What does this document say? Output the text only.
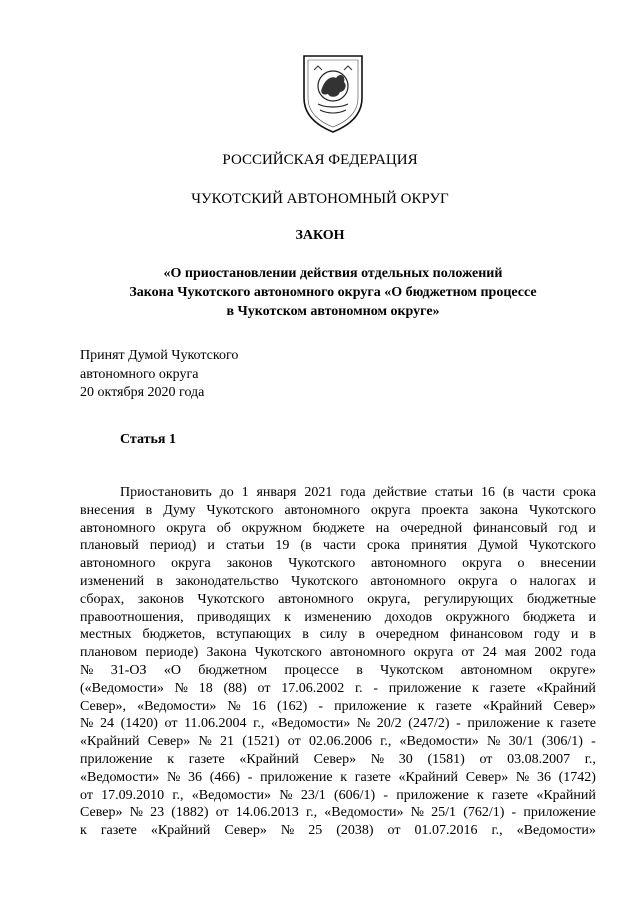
РОССИЙСКАЯ ФЕДЕРАЦИЯ
ЧУКОТСКИЙ АВТОНОМНЫЙ ОКРУГ
ЗАКОН
«О приостановлении действия отдельных положений
Закона Чукотского автономного округа «О бюджетном процессе
в Чукотском автономном округе»
Принят Думой Чукотского
автономного округа
20 октября 2020 года
Статья 1
Приостановить до 1 января 2021 года действие статьи 16 (в части срока
внесения в Думу Чукотского автономного округа проекта закона Чукотского
автономного округа об окружном бюджете на очередной финансовый год и
плановый период) и статьи 19 (в части срока принятия Думой Чукотского
автономного округа законов Чукотского автономного округа о внесении
изменений в законодательство Чукотского автономного округа о налогах и
сборах, законов Чукотского автономного округа, регулирующих бюджетные
правоотношения, приводящих к изменению доходов окружного бюджета и
местных бюджетов, вступающих в силу в очередном финансовом году и в
плановом периоде) Закона Чукотского автономного округа от 24 мая 2002 года
№ 31-ОЗ «О бюджетном процессе в Чукотском автономном округе»
(«Ведомости» № 18 (88) от 17.06.2002 г. - приложение к газете «Крайний
Север», «Ведомости» № 16 (162) - приложение к газете «Крайний Север»
№ 24 (1420) от 11.06.2004 г., «Ведомости» № 20/2 (247/2) - приложение к газете
«Крайний Север» № 21 (1521) от 02.06.2006 г., «Ведомости» № 30/1 (306/1) -
приложение к газете «Крайний Север» № 30 (1581) от 03.08.2007 г.,
«Ведомости» № 36 (466) - приложение к газете «Крайний Север» № 36 (1742)
от 17.09.2010 г., «Ведомости» № 23/1 (606/1) - приложение к газете «Крайний
Север» № 23 (1882) от 14.06.2013 г., «Ведомости» № 25/1 (762/1) - приложение
к газете «Крайний Север» № 25 (2038) от 01.07.2016 г., «Ведомости»
